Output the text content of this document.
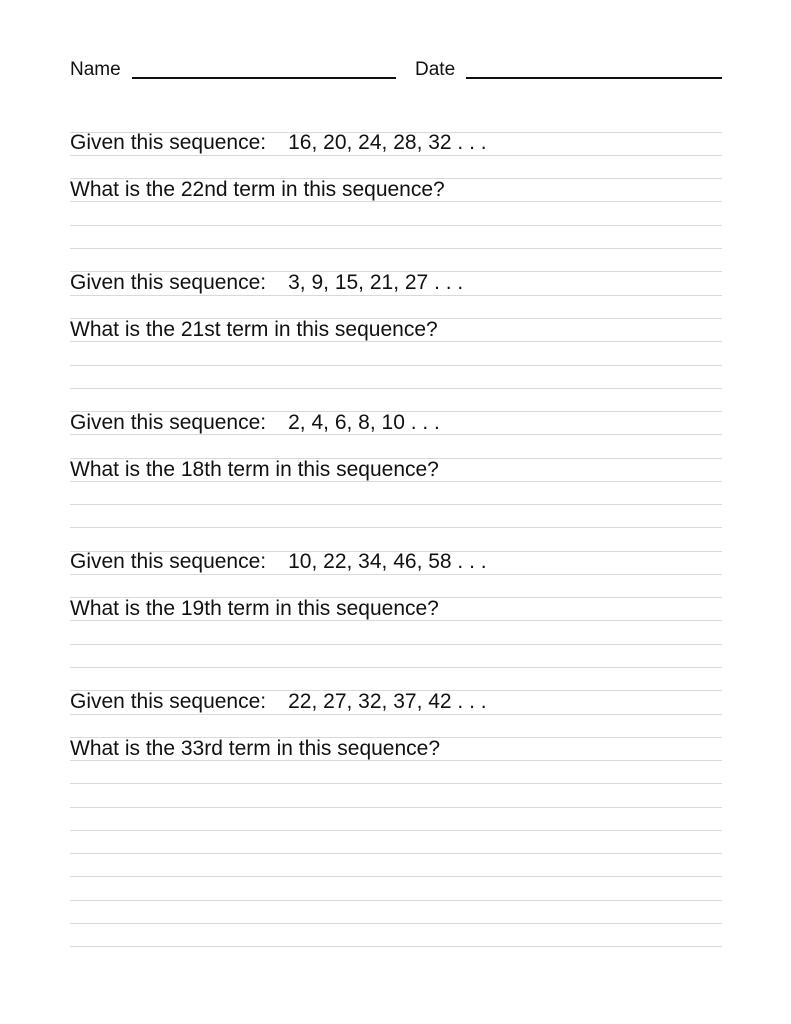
Name	Date
Given this sequence: 16, 20, 24, 28, 32 . . .
What is the 22nd term in this sequence?
Given this sequence: 3, 9, 15, 21, 27 . . .
What is the 21st term in this sequence?
Given this sequence: 2, 4, 6, 8, 10 . . .
What is the 18th term in this sequence?
Given this sequence: 10, 22, 34, 46, 58 . . .
What is the 19th term in this sequence?
Given this sequence: 22, 27, 32, 37, 42 . . .
What is the 33rd term in this sequence?
